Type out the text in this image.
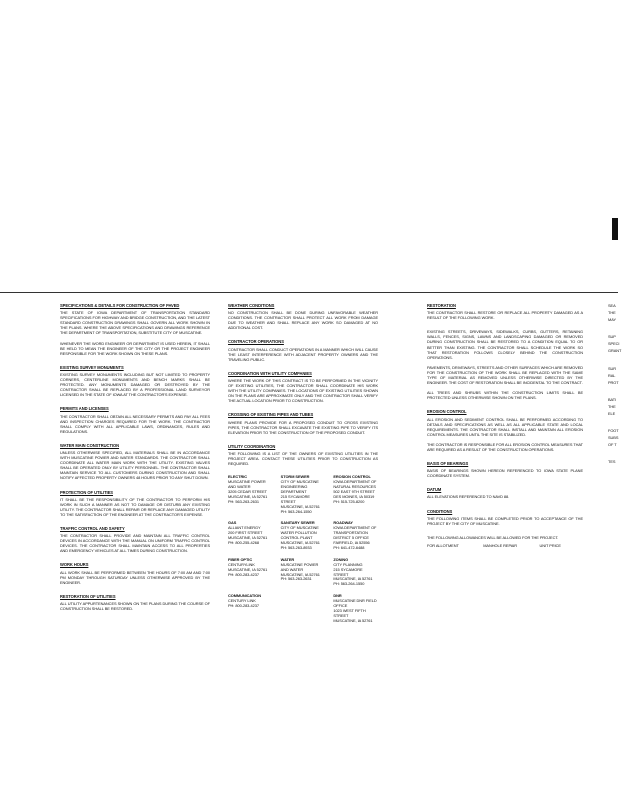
SPECIFICATIONS & DETAILS FOR CONSTRUCTION OF PAVED
THE STATE OF IOWA DEPARTMENT OF TRANSPORTATION STANDARD SPECIFICATIONS FOR HIGHWAY AND BRIDGE CONSTRUCTION, AND THE LATEST STANDARD CONSTRUCTION DRAWINGS SHALL GOVERN ALL WORK SHOWN IN THE PLANS. WHERE THE ABOVE SPECIFICATIONS AND DRAWINGS REFERENCE THE DEPARTMENT OF TRANSPORTATION, SUBSTITUTE CITY OF MUSCATINE.
WHENEVER THE WORD ENGINEER OR DEPARTMENT IS USED HEREIN, IT SHALL BE HELD TO MEAN THE ENGINEER OF THE CITY OR THE PROJECT ENGINEER RESPONSIBLE FOR THE WORK SHOWN ON THESE PLANS.
EXISTING SURVEY MONUMENTS
EXISTING SURVEY MONUMENTS INCLUDING BUT NOT LIMITED TO PROPERTY CORNERS, CENTERLINE MONUMENTS AND BENCH MARKS SHALL BE PROTECTED. ANY MONUMENTS DAMAGED OR DESTROYED BY THE CONTRACTOR SHALL BE REPLACED BY A PROFESSIONAL LAND SURVEYOR LICENSED IN THE STATE OF IOWA AT THE CONTRACTOR'S EXPENSE.
PERMITS AND LICENSES
THE CONTRACTOR SHALL OBTAIN ALL NECESSARY PERMITS AND PAY ALL FEES AND INSPECTION CHARGES REQUIRED FOR THE WORK. THE CONTRACTOR SHALL COMPLY WITH ALL APPLICABLE LAWS, ORDINANCES, RULES AND REGULATIONS.
WATER MAIN CONSTRUCTION
UNLESS OTHERWISE SPECIFIED, ALL MATERIALS SHALL BE IN ACCORDANCE WITH MUSCATINE POWER AND WATER STANDARDS. THE CONTRACTOR SHALL COORDINATE ALL WATER MAIN WORK WITH THE UTILITY. EXISTING VALVES SHALL BE OPERATED ONLY BY UTILITY PERSONNEL. THE CONTRACTOR SHALL MAINTAIN SERVICE TO ALL CUSTOMERS DURING CONSTRUCTION AND SHALL NOTIFY AFFECTED PROPERTY OWNERS 48 HOURS PRIOR TO ANY SHUT DOWN.
PROTECTION OF UTILITIES
IT SHALL BE THE RESPONSIBILITY OF THE CONTRACTOR TO PERFORM HIS WORK IN SUCH A MANNER AS NOT TO DAMAGE OR DISTURB ANY EXISTING UTILITY. THE CONTRACTOR SHALL REPAIR OR REPLACE ANY DAMAGED UTILITY TO THE SATISFACTION OF THE ENGINEER AT THE CONTRACTOR'S EXPENSE.
TRAFFIC CONTROL AND SAFETY
THE CONTRACTOR SHALL PROVIDE AND MAINTAIN ALL TRAFFIC CONTROL DEVICES IN ACCORDANCE WITH THE MANUAL ON UNIFORM TRAFFIC CONTROL DEVICES. THE CONTRACTOR SHALL MAINTAIN ACCESS TO ALL PROPERTIES AND EMERGENCY VEHICLES AT ALL TIMES DURING CONSTRUCTION.
WORK HOURS
ALL WORK SHALL BE PERFORMED BETWEEN THE HOURS OF 7:00 AM AND 7:00 PM MONDAY THROUGH SATURDAY UNLESS OTHERWISE APPROVED BY THE ENGINEER.
RESTORATION OF UTILITIES
ALL UTILITY APPURTENANCES SHOWN ON THE PLANS DURING THE COURSE OF CONSTRUCTION SHALL BE RESTORED.
WEATHER CONDITIONS
NO CONSTRUCTION SHALL BE DONE DURING UNFAVORABLE WEATHER CONDITIONS. THE CONTRACTOR SHALL PROTECT ALL WORK FROM DAMAGE DUE TO WEATHER AND SHALL REPLACE ANY WORK SO DAMAGED AT NO ADDITIONAL COST.
CONTRACTOR OPERATIONS
CONTRACTOR SHALL CONDUCT OPERATIONS IN A MANNER WHICH WILL CAUSE THE LEAST INTERFERENCE WITH ADJACENT PROPERTY OWNERS AND THE TRAVELING PUBLIC.
COORDINATION WITH UTILITY COMPANIES
WHERE THE WORK OF THIS CONTRACT IS TO BE PERFORMED IN THE VICINITY OF EXISTING UTILITIES, THE CONTRACTOR SHALL COORDINATE HIS WORK WITH THE UTILITY COMPANIES. THE LOCATIONS OF EXISTING UTILITIES SHOWN ON THE PLANS ARE APPROXIMATE ONLY AND THE CONTRACTOR SHALL VERIFY THE ACTUAL LOCATION PRIOR TO CONSTRUCTION.
CROSSING OF EXISTING PIPES AND TUBES
WHERE PLANS PROVIDE FOR A PROPOSED CONDUIT TO CROSS EXISTING PIPES, THE CONTRACTOR SHALL EXCAVATE THE EXISTING PIPE TO VERIFY ITS ELEVATION PRIOR TO THE CONSTRUCTION OF THE PROPOSED CONDUIT.
UTILITY COORDINATION
THE FOLLOWING IS A LIST OF THE OWNERS OF EXISTING UTILITIES IN THE PROJECT AREA. CONTACT THESE UTILITIES PRIOR TO CONSTRUCTION AS REQUIRED.
ELECTRIC
MUSCATINE POWER
AND WATER
3205 CEDAR STREET
MUSCATINE, IA 52761
PH: 563-263-2631
STORM SEWER
CITY OF MUSCATINE
ENGINEERING DEPARTMENT
215 SYCAMORE STREET
MUSCATINE, IA 52761
PH: 563-264-1550
EROSION CONTROL
IOWA DEPARTMENT OF
NATURAL RESOURCES
502 EAST 9TH STREET
DES MOINES, IA 50319
PH: 515-725-8200
GAS
ALLIANT ENERGY
200 FIRST STREET
MUSCATINE, IA 52761
PH: 800-255-4268
SANITARY SEWER
CITY OF MUSCATINE
WATER POLLUTION
CONTROL PLANT
MUSCATINE, IA 52761
PH: 563-263-8933
ROADWAY
IOWA DEPARTMENT OF
TRANSPORTATION
DISTRICT 5 OFFICE
FAIRFIELD, IA 52556
PH: 641-472-6488
FIBER OPTIC
CENTURYLINK
MUSCATINE, IA 52761
PH: 800-283-4237
WATER
MUSCATINE POWER
AND WATER
MUSCATINE, IA 52761
PH: 563-263-2631
ZONING
CITY PLANNING
215 SYCAMORE STREET
MUSCATINE, IA 52761
PH: 563-264-1550
COMMUNICATION
CENTURY LINK
PH: 800-283-4237
DNR
MUSCATINE DNR FIELD OFFICE
1023 WEST FIFTH STREET
MUSCATINE, IA 52761
RESTORATION
THE CONTRACTOR SHALL RESTORE OR REPLACE ALL PROPERTY DAMAGED AS A RESULT OF THE FOLLOWING WORK.
EXISTING STREETS, DRIVEWAYS, SIDEWALKS, CURBS, GUTTERS, RETAINING WALLS, FENCES, SIGNS, LAWNS AND LANDSCAPING DAMAGED OR REMOVED DURING CONSTRUCTION SHALL BE RESTORED TO A CONDITION EQUAL TO OR BETTER THAN EXISTING. THE CONTRACTOR SHALL SCHEDULE THE WORK SO THAT RESTORATION FOLLOWS CLOSELY BEHIND THE CONSTRUCTION OPERATIONS.
PAVEMENTS, DRIVEWAYS, STREETS AND OTHER SURFACES WHICH ARE REMOVED FOR THE CONSTRUCTION OF THE WORK SHALL BE REPLACED WITH THE SAME TYPE OF MATERIAL AS REMOVED UNLESS OTHERWISE DIRECTED BY THE ENGINEER. THE COST OF RESTORATION SHALL BE INCIDENTAL TO THE CONTRACT.
ALL TREES AND SHRUBS WITHIN THE CONSTRUCTION LIMITS SHALL BE PROTECTED UNLESS OTHERWISE SHOWN ON THE PLANS.
EROSION CONTROL
ALL EROSION AND SEDIMENT CONTROL SHALL BE PERFORMED ACCORDING TO DETAILS AND SPECIFICATIONS AS WELL AS ALL APPLICABLE STATE AND LOCAL REQUIREMENTS. THE CONTRACTOR SHALL INSTALL AND MAINTAIN ALL EROSION CONTROL MEASURES UNTIL THE SITE IS STABILIZED.
THE CONTRACTOR IS RESPONSIBLE FOR ALL EROSION CONTROL MEASURES THAT ARE REQUIRED AS A RESULT OF THE CONSTRUCTION OPERATIONS.
BASIS OF BEARINGS
BASIS OF BEARINGS SHOWN HEREON REFERENCED TO IOWA STATE PLANE COORDINATE SYSTEM.
DATUM
ALL ELEVATIONS REFERENCED TO NAVD 88.
CONDITIONS
THE FOLLOWING ITEMS SHALL BE COMPLETED PRIOR TO ACCEPTANCE OF THE PROJECT BY THE CITY OF MUSCATINE.
THE FOLLOWING ALLOWANCES WILL BE ALLOWED FOR THE PROJECT.
FOR ALLOTMENT	MANHOLE REPAIR	UNIT PRICE
SEA
THE
MAY
SUP
SPECI
GRANT
SUR
RAL
PROT
BATI
THE
ELE
FOOT
SUBS
OF T
TES
